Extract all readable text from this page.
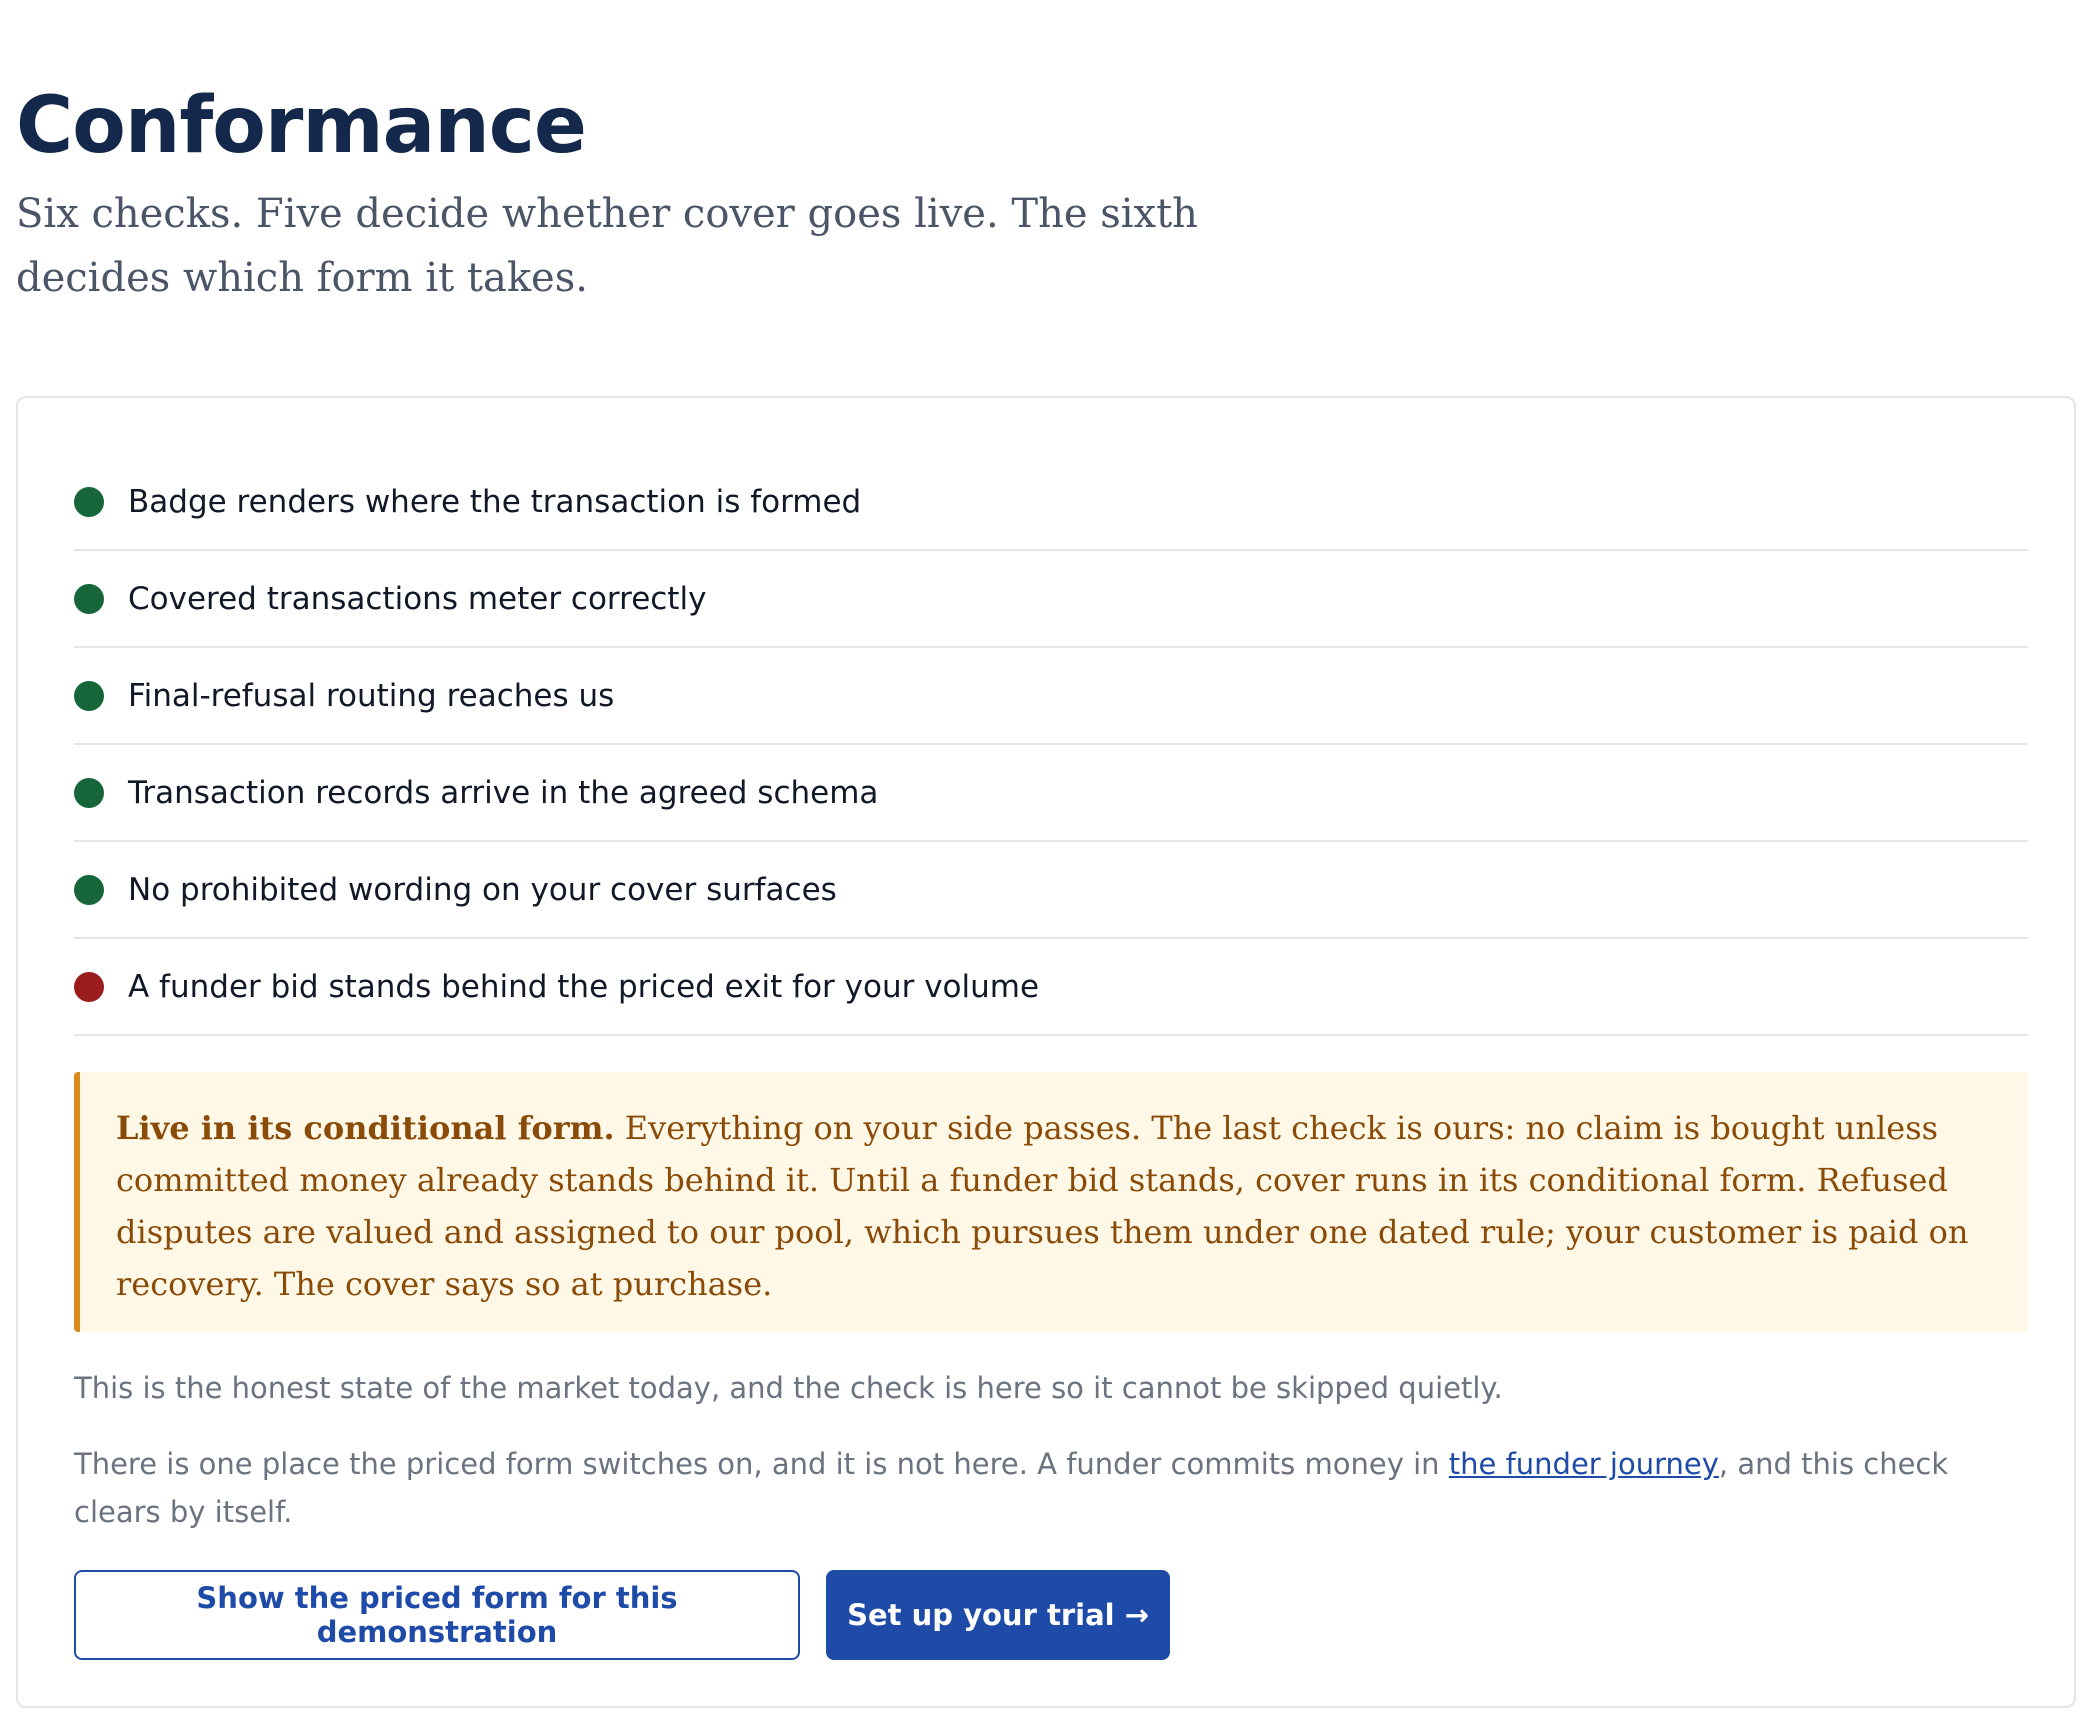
Conformance

Six checks. Five decide whether cover goes live. The sixth decides which form it takes.

Badge renders where the transaction is formed
Covered transactions meter correctly
Final-refusal routing reaches us
Transaction records arrive in the agreed schema
No prohibited wording on your cover surfaces
A funder bid stands behind the priced exit for your volume
Live in its conditional form. Everything on your side passes. The last check is ours: no claim is bought unless committed money already stands behind it. Until a funder bid stands, cover runs in its conditional form. Refused disputes are valued and assigned to our pool, which pursues them under one dated rule; your customer is paid on recovery. The cover says so at purchase.

This is the honest state of the market today, and the check is here so it cannot be skipped quietly.

There is one place the priced form switches on, and it is not here. A funder commits money in the funder journey, and this check clears by itself.

Show the priced form for this demonstration	Set up your trial →
